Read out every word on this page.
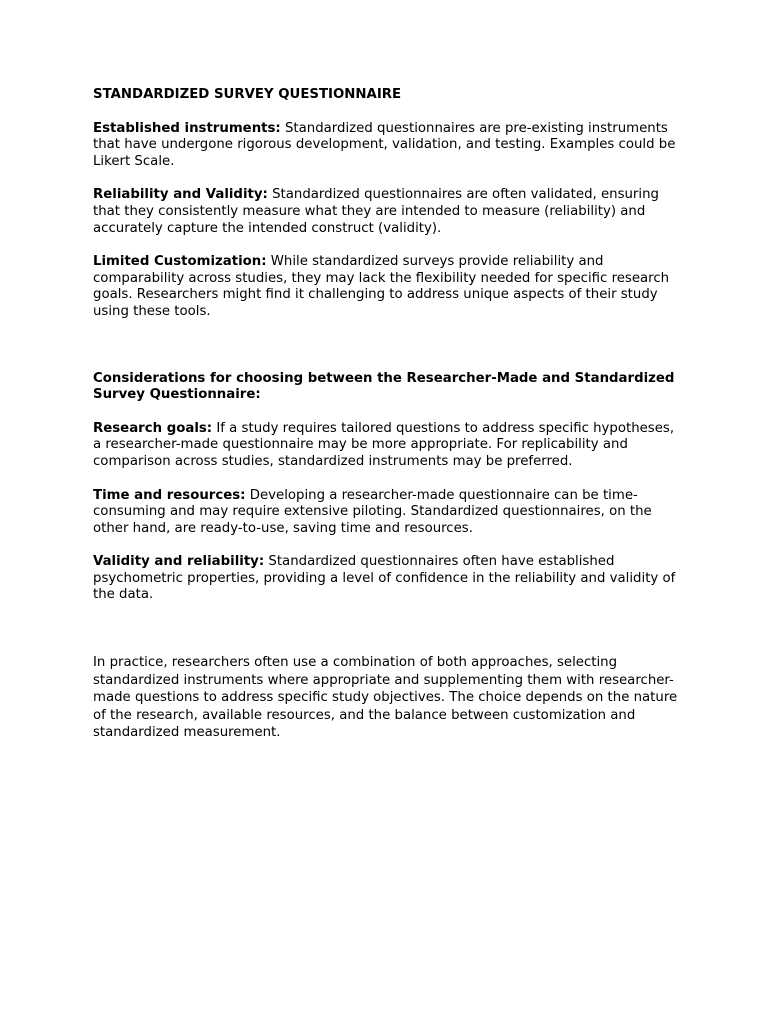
STANDARDIZED SURVEY QUESTIONNAIRE
Established instruments: Standardized questionnaires are pre-existing instruments that have undergone rigorous development, validation, and testing. Examples could be Likert Scale.
Reliability and Validity: Standardized questionnaires are often validated, ensuring that they consistently measure what they are intended to measure (reliability) and accurately capture the intended construct (validity).
Limited Customization: While standardized surveys provide reliability and comparability across studies, they may lack the flexibility needed for specific research goals. Researchers might find it challenging to address unique aspects of their study using these tools.
Considerations for choosing between the Researcher-Made and Standardized Survey Questionnaire:
Research goals: If a study requires tailored questions to address specific hypotheses, a researcher-made questionnaire may be more appropriate. For replicability and comparison across studies, standardized instruments may be preferred.
Time and resources: Developing a researcher-made questionnaire can be time-consuming and may require extensive piloting. Standardized questionnaires, on the other hand, are ready-to-use, saving time and resources.
Validity and reliability: Standardized questionnaires often have established psychometric properties, providing a level of confidence in the reliability and validity of the data.
In practice, researchers often use a combination of both approaches, selecting standardized instruments where appropriate and supplementing them with researcher-made questions to address specific study objectives. The choice depends on the nature of the research, available resources, and the balance between customization and standardized measurement.
